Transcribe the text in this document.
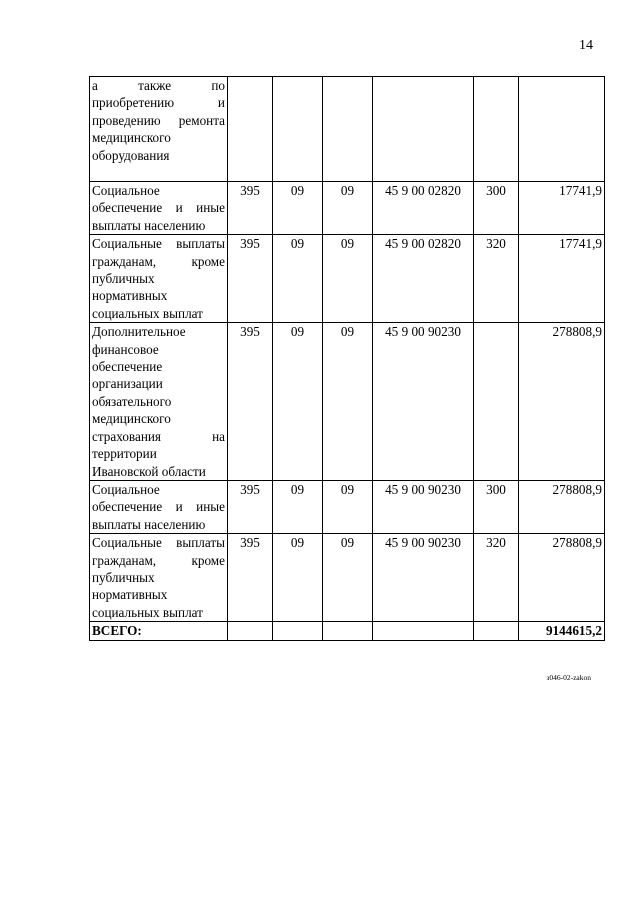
14
а также по приобретению и проведению ремонта медицинского оборудования						
Социальное обеспечение и иные выплаты населению	395	09	09	45 9 00 02820	300	17741,9
Социальные выплаты гражданам, кроме публичных нормативных социальных выплат	395	09	09	45 9 00 02820	320	17741,9
Дополнительное финансовое обеспечение организации обязательного медицинского страхования на территории Ивановской области	395	09	09	45 9 00 90230		278808,9
Социальное обеспечение и иные выплаты населению	395	09	09	45 9 00 90230	300	278808,9
Социальные выплаты гражданам, кроме публичных нормативных социальных выплат	395	09	09	45 9 00 90230	320	278808,9
ВСЕГО:						9144615,2
з046-02-zakon
